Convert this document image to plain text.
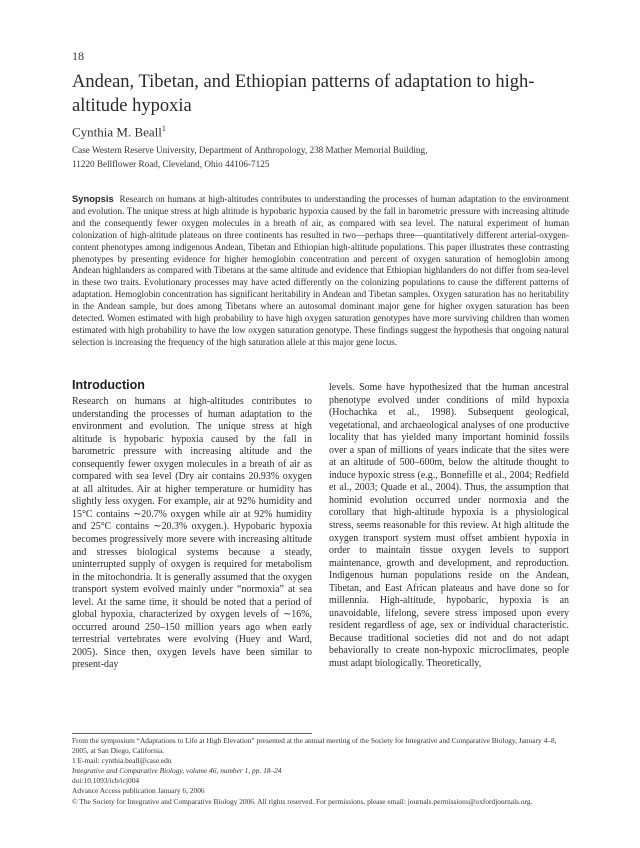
18
Andean, Tibetan, and Ethiopian patterns of adaptation to high-altitude hypoxia
Cynthia M. Beall$^1$
Case Western Reserve University, Department of Anthropology, 238 Mather Memorial Building,
11220 Bellflower Road, Cleveland, Ohio 44106-7125

Synopsis Research on humans at high-altitudes contributes to understanding the processes of human adaptation to the environment and evolution. The unique stress at high altitude is hypobaric hypoxia caused by the fall in barometric pressure with increasing altitude and the consequently fewer oxygen molecules in a breath of air, as compared with sea level. The natural experiment of human colonization of high-altitude plateaus on three continents has resulted in two—perhaps three—quantitatively different arterial-oxygen-content phenotypes among indigenous Andean, Tibetan and Ethiopian high-altitude populations. This paper illustrates these contrasting phenotypes by presenting evidence for higher hemoglobin concentration and percent of oxygen saturation of hemoglobin among Andean highlanders as compared with Tibetans at the same altitude and evidence that Ethiopian highlanders do not differ from sea-level in these two traits. Evolutionary processes may have acted differently on the colonizing populations to cause the different patterns of adaptation. Hemoglobin concentration has significant heritability in Andean and Tibetan samples. Oxygen saturation has no heritability in the Andean sample, but does among Tibetans where an autosomal dominant major gene for higher oxygen saturation has been detected. Women estimated with high probability to have high oxygen saturation genotypes have more surviving children than women estimated with high probability to have the low oxygen saturation genotype. These findings suggest the hypothesis that ongoing natural selection is increasing the frequency of the high saturation allele at this major gene locus.

Introduction

Research on humans at high-altitudes contributes to understanding the processes of human adaptation to the environment and evolution. The unique stress at high altitude is hypobaric hypoxia caused by the fall in barometric pressure with increasing altitude and the consequently fewer oxygen molecules in a breath of air as compared with sea level (Dry air contains 20.93% oxygen at all altitudes. Air at higher temperature or humidity has slightly less oxygen. For example, air at 92% humidity and 15°C contains ∼20.7% oxygen while air at 92% humidity and 25°C contains ∼20.3% oxygen.). Hypobaric hypoxia becomes progressively more severe with increasing altitude and stresses biological systems because a steady, uninterrupted supply of oxygen is required for metabolism in the mitochondria. It is generally assumed that the oxygen transport system evolved mainly under “normoxia” at sea level. At the same time, it should be noted that a period of global hypoxia, characterized by oxygen levels of ∼16%, occurred around 250–150 million years ago when early terrestrial vertebrates were evolving (Huey and Ward, 2005). Since then, oxygen levels have been similar to present-day

levels. Some have hypothesized that the human ancestral phenotype evolved under conditions of mild hypoxia (Hochachka et al., 1998). Subsequent geological, vegetational, and archaeological analyses of one productive locality that has yielded many important hominid fossils over a span of millions of years indicate that the sites were at an altitude of 500–600m, below the altitude thought to induce hypoxic stress (e.g., Bonnefille et al., 2004; Redfield et al., 2003; Quade et al., 2004). Thus, the assumption that hominid evolution occurred under normoxia and the corollary that high-altitude hypoxia is a physiological stress, seems reasonable for this review. At high altitude the oxygen transport system must offset ambient hypoxia in order to maintain tissue oxygen levels to support maintenance, growth and development, and reproduction. Indigenous human populations reside on the Andean, Tibetan, and East African plateaus and have done so for millennia. High-altitude, hypobaric, hypoxia is an unavoidable, lifelong, severe stress imposed upon every resident regardless of age, sex or individual characteristic. Because traditional societies did not and do not adapt behaviorally to create non-hypoxic microclimates, people must adapt biologically. Theoretically,

From the symposium “Adaptations to Life at High Elevation” presented at the annual meeting of the Society for Integrative and Comparative Biology, January 4–8, 2005, at San Diego, California.
1 E-mail: cynthia.beall@case.edu
Integrative and Comparative Biology, volume 46, number 1, pp. 18–24
doi:10.1093/icb/icj004
Advance Access publication January 6, 2006
© The Society for Integrative and Comparative Biology 2006. All rights reserved. For permissions, please email: journals.permissions@oxfordjournals.org.
